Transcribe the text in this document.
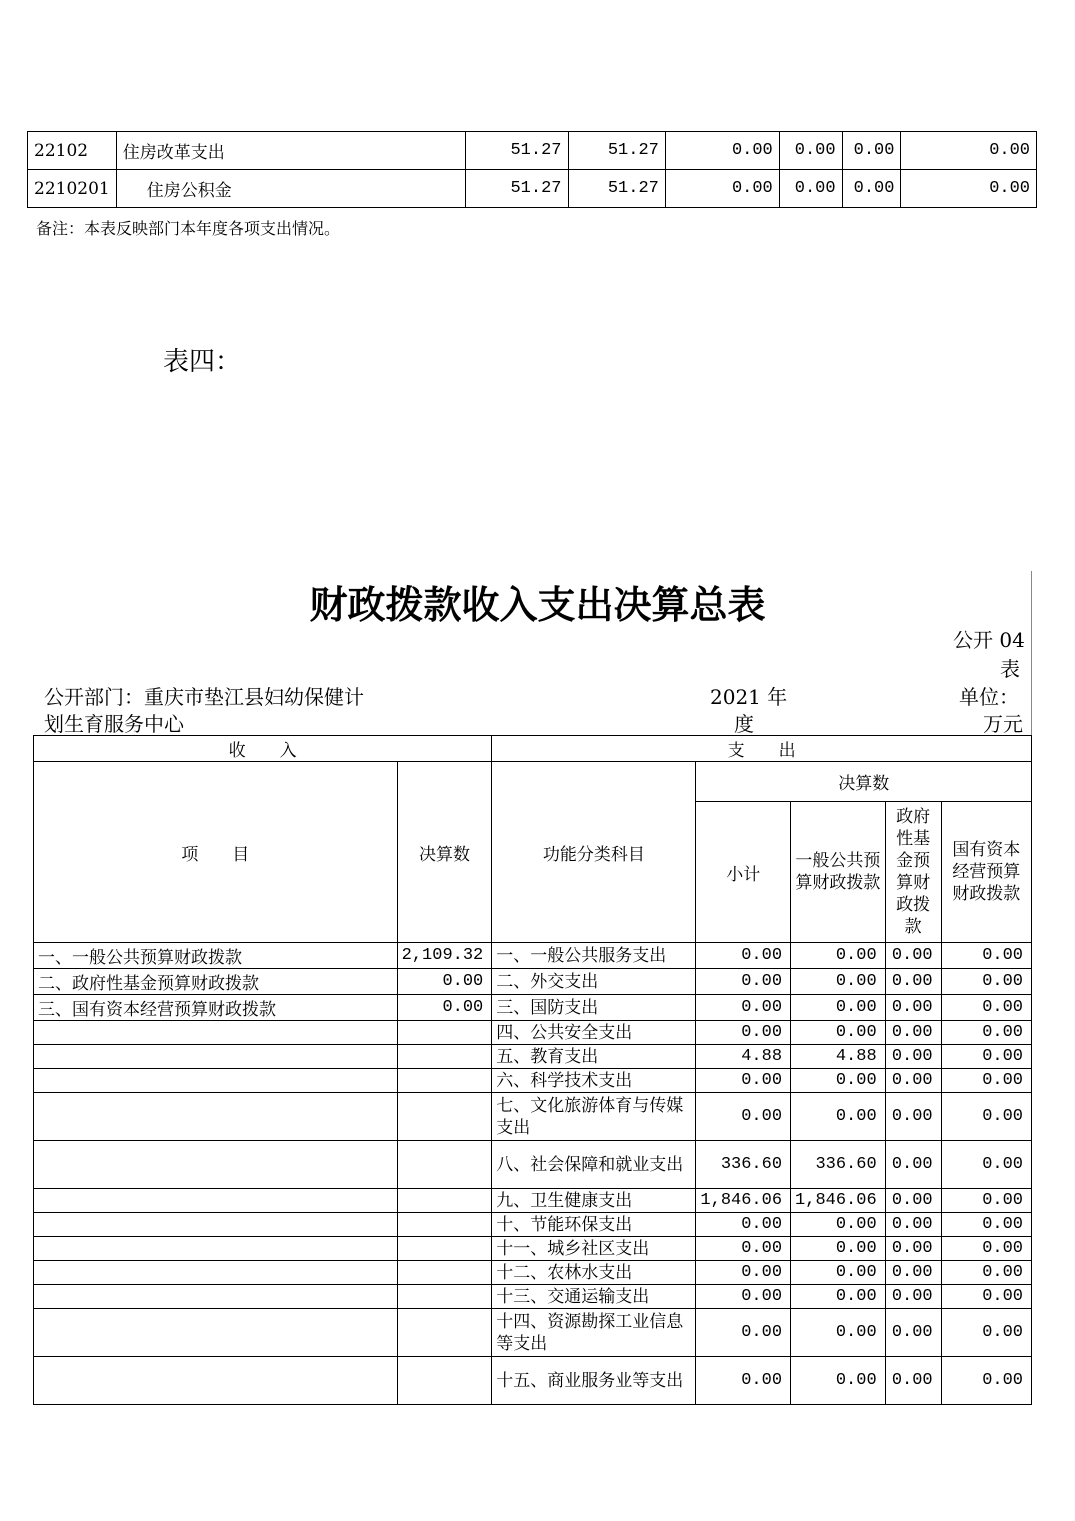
22102	住房改革支出	51.27	51.27	0.00	0.00	0.00	0.00
2210201	住房公积金	51.27	51.27	0.00	0.00	0.00	0.00
备注：本表反映部门本年度各项支出情况。
表四：
财政拨款收入支出决算总表
公开 04
表
公开部门：重庆市垫江县妇幼保健计
划生育服务中心
2021 年
度
单位：
万元
收　　入		支　　出				
项　　目	决算数	功能分类科目	决算数			
			小计	一般公共预算财政拨款	政府性基金预算财政拨款	国有资本经营预算财政拨款
一、一般公共预算财政拨款	2,109.32	一、一般公共服务支出	0.00	0.00	0.00	0.00
二、政府性基金预算财政拨款	0.00	二、外交支出	0.00	0.00	0.00	0.00
三、国有资本经营预算财政拨款	0.00	三、国防支出	0.00	0.00	0.00	0.00
		四、公共安全支出	0.00	0.00	0.00	0.00
		五、教育支出	4.88	4.88	0.00	0.00
		六、科学技术支出	0.00	0.00	0.00	0.00
		七、文化旅游体育与传媒支出	0.00	0.00	0.00	0.00
		八、社会保障和就业支出	336.60	336.60	0.00	0.00
		九、卫生健康支出	1,846.06	1,846.06	0.00	0.00
		十、节能环保支出	0.00	0.00	0.00	0.00
		十一、城乡社区支出	0.00	0.00	0.00	0.00
		十二、农林水支出	0.00	0.00	0.00	0.00
		十三、交通运输支出	0.00	0.00	0.00	0.00
		十四、资源勘探工业信息等支出	0.00	0.00	0.00	0.00
		十五、商业服务业等支出	0.00	0.00	0.00	0.00
